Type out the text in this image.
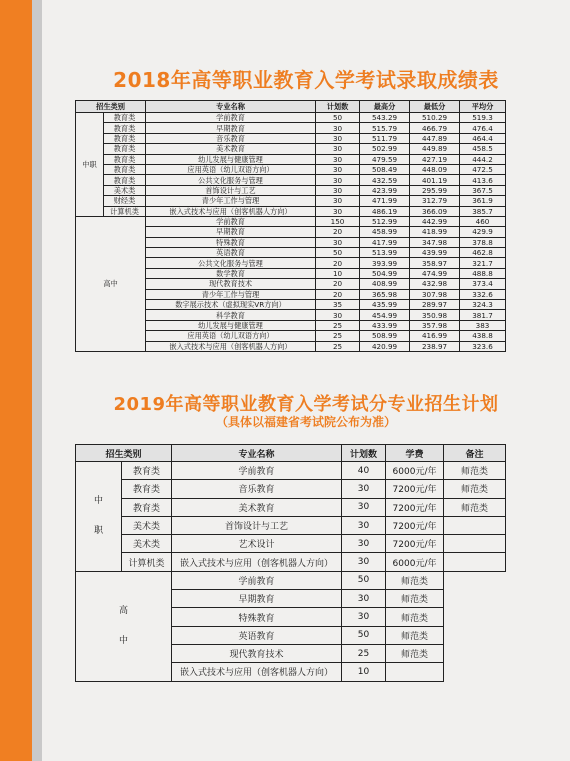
2018年高等职业教育入学考试录取成绩表
招生类别		专业名称	计划数	最高分	最低分	平均分
中职	教育类	学前教育	50	543.29	510.29	519.3
	教育类	早期教育	30	515.79	466.79	476.4
	教育类	音乐教育	30	511.79	447.89	464.4
	教育类	美术教育	30	502.99	449.89	458.5
	教育类	幼儿发展与健康管理	30	479.59	427.19	444.2
	教育类	应用英语（幼儿双语方向）	30	508.49	448.09	472.5
	教育类	公共文化服务与管理	30	432.59	401.19	413.6
	美术类	首饰设计与工艺	30	423.99	295.99	367.5
	财经类	青少年工作与管理	30	471.99	312.79	361.9
	计算机类	嵌入式技术与应用（创客机器人方向）	30	486.19	366.09	385.7
高中		学前教育	150	512.99	442.99	460
		早期教育	20	458.99	418.99	429.9
		特殊教育	30	417.99	347.98	378.8
		英语教育	50	513.99	439.99	462.8
		公共文化服务与管理	20	393.99	358.97	321.7
		数学教育	10	504.99	474.99	488.8
		现代教育技术	20	408.99	432.98	373.4
		青少年工作与管理	20	365.98	307.98	332.6
		数字展示技术（虚拟现实VR方向）	35	435.99	289.97	324.3
		科学教育	30	454.99	350.98	381.7
		幼儿发展与健康管理	25	433.99	357.98	383
		应用英语（幼儿双语方向）	25	508.99	416.99	438.8
		嵌入式技术与应用（创客机器人方向）	25	420.99	238.97	323.6
2019年高等职业教育入学考试分专业招生计划
（具体以福建省考试院公布为准）
招生类别		专业名称	计划数	学费	备注

中
职	教育类	学前教育	40	6000元/年	师范类
	教育类	音乐教育	30	7200元/年	师范类
	教育类	美术教育	30	7200元/年	师范类
	美术类	首饰设计与工艺	30	7200元/年	
	美术类	艺术设计	30	7200元/年	
	计算机类	嵌入式技术与应用（创客机器人方向）	30	6000元/年	

高
中		学前教育	50	师范类	
		早期教育	30	师范类	
		特殊教育	30	师范类	
		英语教育	50	师范类	
		现代教育技术	25	师范类	
		嵌入式技术与应用（创客机器人方向）	10		
